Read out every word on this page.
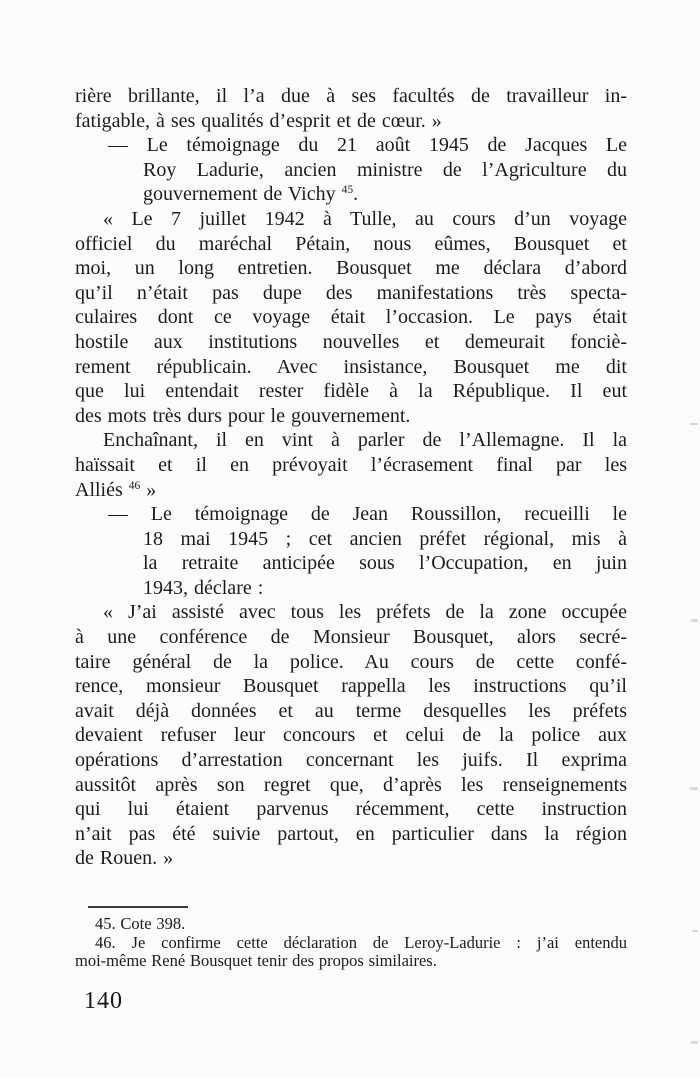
rière brillante, il l’a due à ses facultés de travailleur in-
fatigable, à ses qualités d’esprit et de cœur. »
— Le témoignage du 21 août 1945 de Jacques Le
Roy Ladurie, ancien ministre de l’Agriculture du
gouvernement de Vichy $^{45}$.
« Le 7 juillet 1942 à Tulle, au cours d’un voyage
officiel du maréchal Pétain, nous eûmes, Bousquet et
moi, un long entretien. Bousquet me déclara d’abord
qu’il n’était pas dupe des manifestations très specta-
culaires dont ce voyage était l’occasion. Le pays était
hostile aux institutions nouvelles et demeurait fonciè-
rement républicain. Avec insistance, Bousquet me dit
que lui entendait rester fidèle à la République. Il eut
des mots très durs pour le gouvernement.
Enchaînant, il en vint à parler de l’Allemagne. Il la
haïssait et il en prévoyait l’écrasement final par les
Alliés $^{46}$ »
— Le témoignage de Jean Roussillon, recueilli le
18 mai 1945 ; cet ancien préfet régional, mis à
la retraite anticipée sous l’Occupation, en juin
1943, déclare :
« J’ai assisté avec tous les préfets de la zone occupée
à une conférence de Monsieur Bousquet, alors secré-
taire général de la police. Au cours de cette confé-
rence, monsieur Bousquet rappella les instructions qu’il
avait déjà données et au terme desquelles les préfets
devaient refuser leur concours et celui de la police aux
opérations d’arrestation concernant les juifs. Il exprima
aussitôt après son regret que, d’après les renseignements
qui lui étaient parvenus récemment, cette instruction
n’ait pas été suivie partout, en particulier dans la région
de Rouen. »
45. Cote 398.
46. Je confirme cette déclaration de Leroy-Ladurie : j’ai entendu
moi-même René Bousquet tenir des propos similaires.
140
